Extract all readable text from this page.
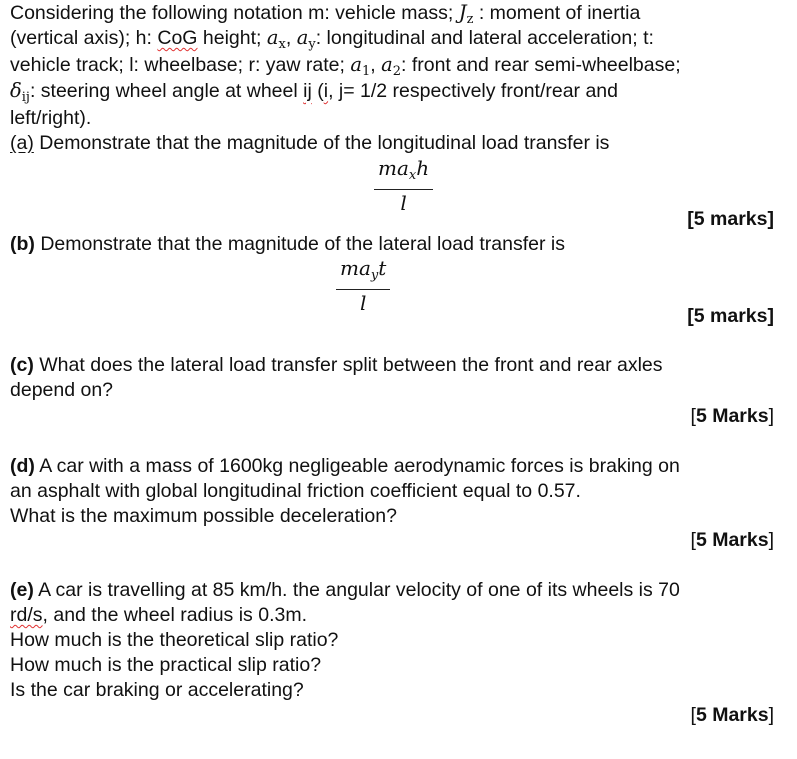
Considering the following notation m: vehicle mass; $J_z$ : moment of inertia
(vertical axis); h: CoG height; $a_x$, $a_y$: longitudinal and lateral acceleration; t:
vehicle track; l: wheelbase; r: yaw rate; $a_1$, $a_2$: front and rear semi-wheelbase;
$\delta_{ij}$: steering wheel angle at wheel ij (i, j= 1/2 respectively front/rear and
left/right).
(a) Demonstrate that the magnitude of the longitudinal load transfer is
$ma_xh$
l
[5 marks]
(b) Demonstrate that the magnitude of the lateral load transfer is
$ma_yt$
l
[5 marks]
(c) What does the lateral load transfer split between the front and rear axles
depend on?
[5 Marks]
(d) A car with a mass of 1600kg negligeable aerodynamic forces is braking on
an asphalt with global longitudinal friction coefficient equal to 0.57.
What is the maximum possible deceleration?
[5 Marks]
(e) A car is travelling at 85 km/h. the angular velocity of one of its wheels is 70
rd/s, and the wheel radius is 0.3m.
How much is the theoretical slip ratio?
How much is the practical slip ratio?
Is the car braking or accelerating?
[5 Marks]
